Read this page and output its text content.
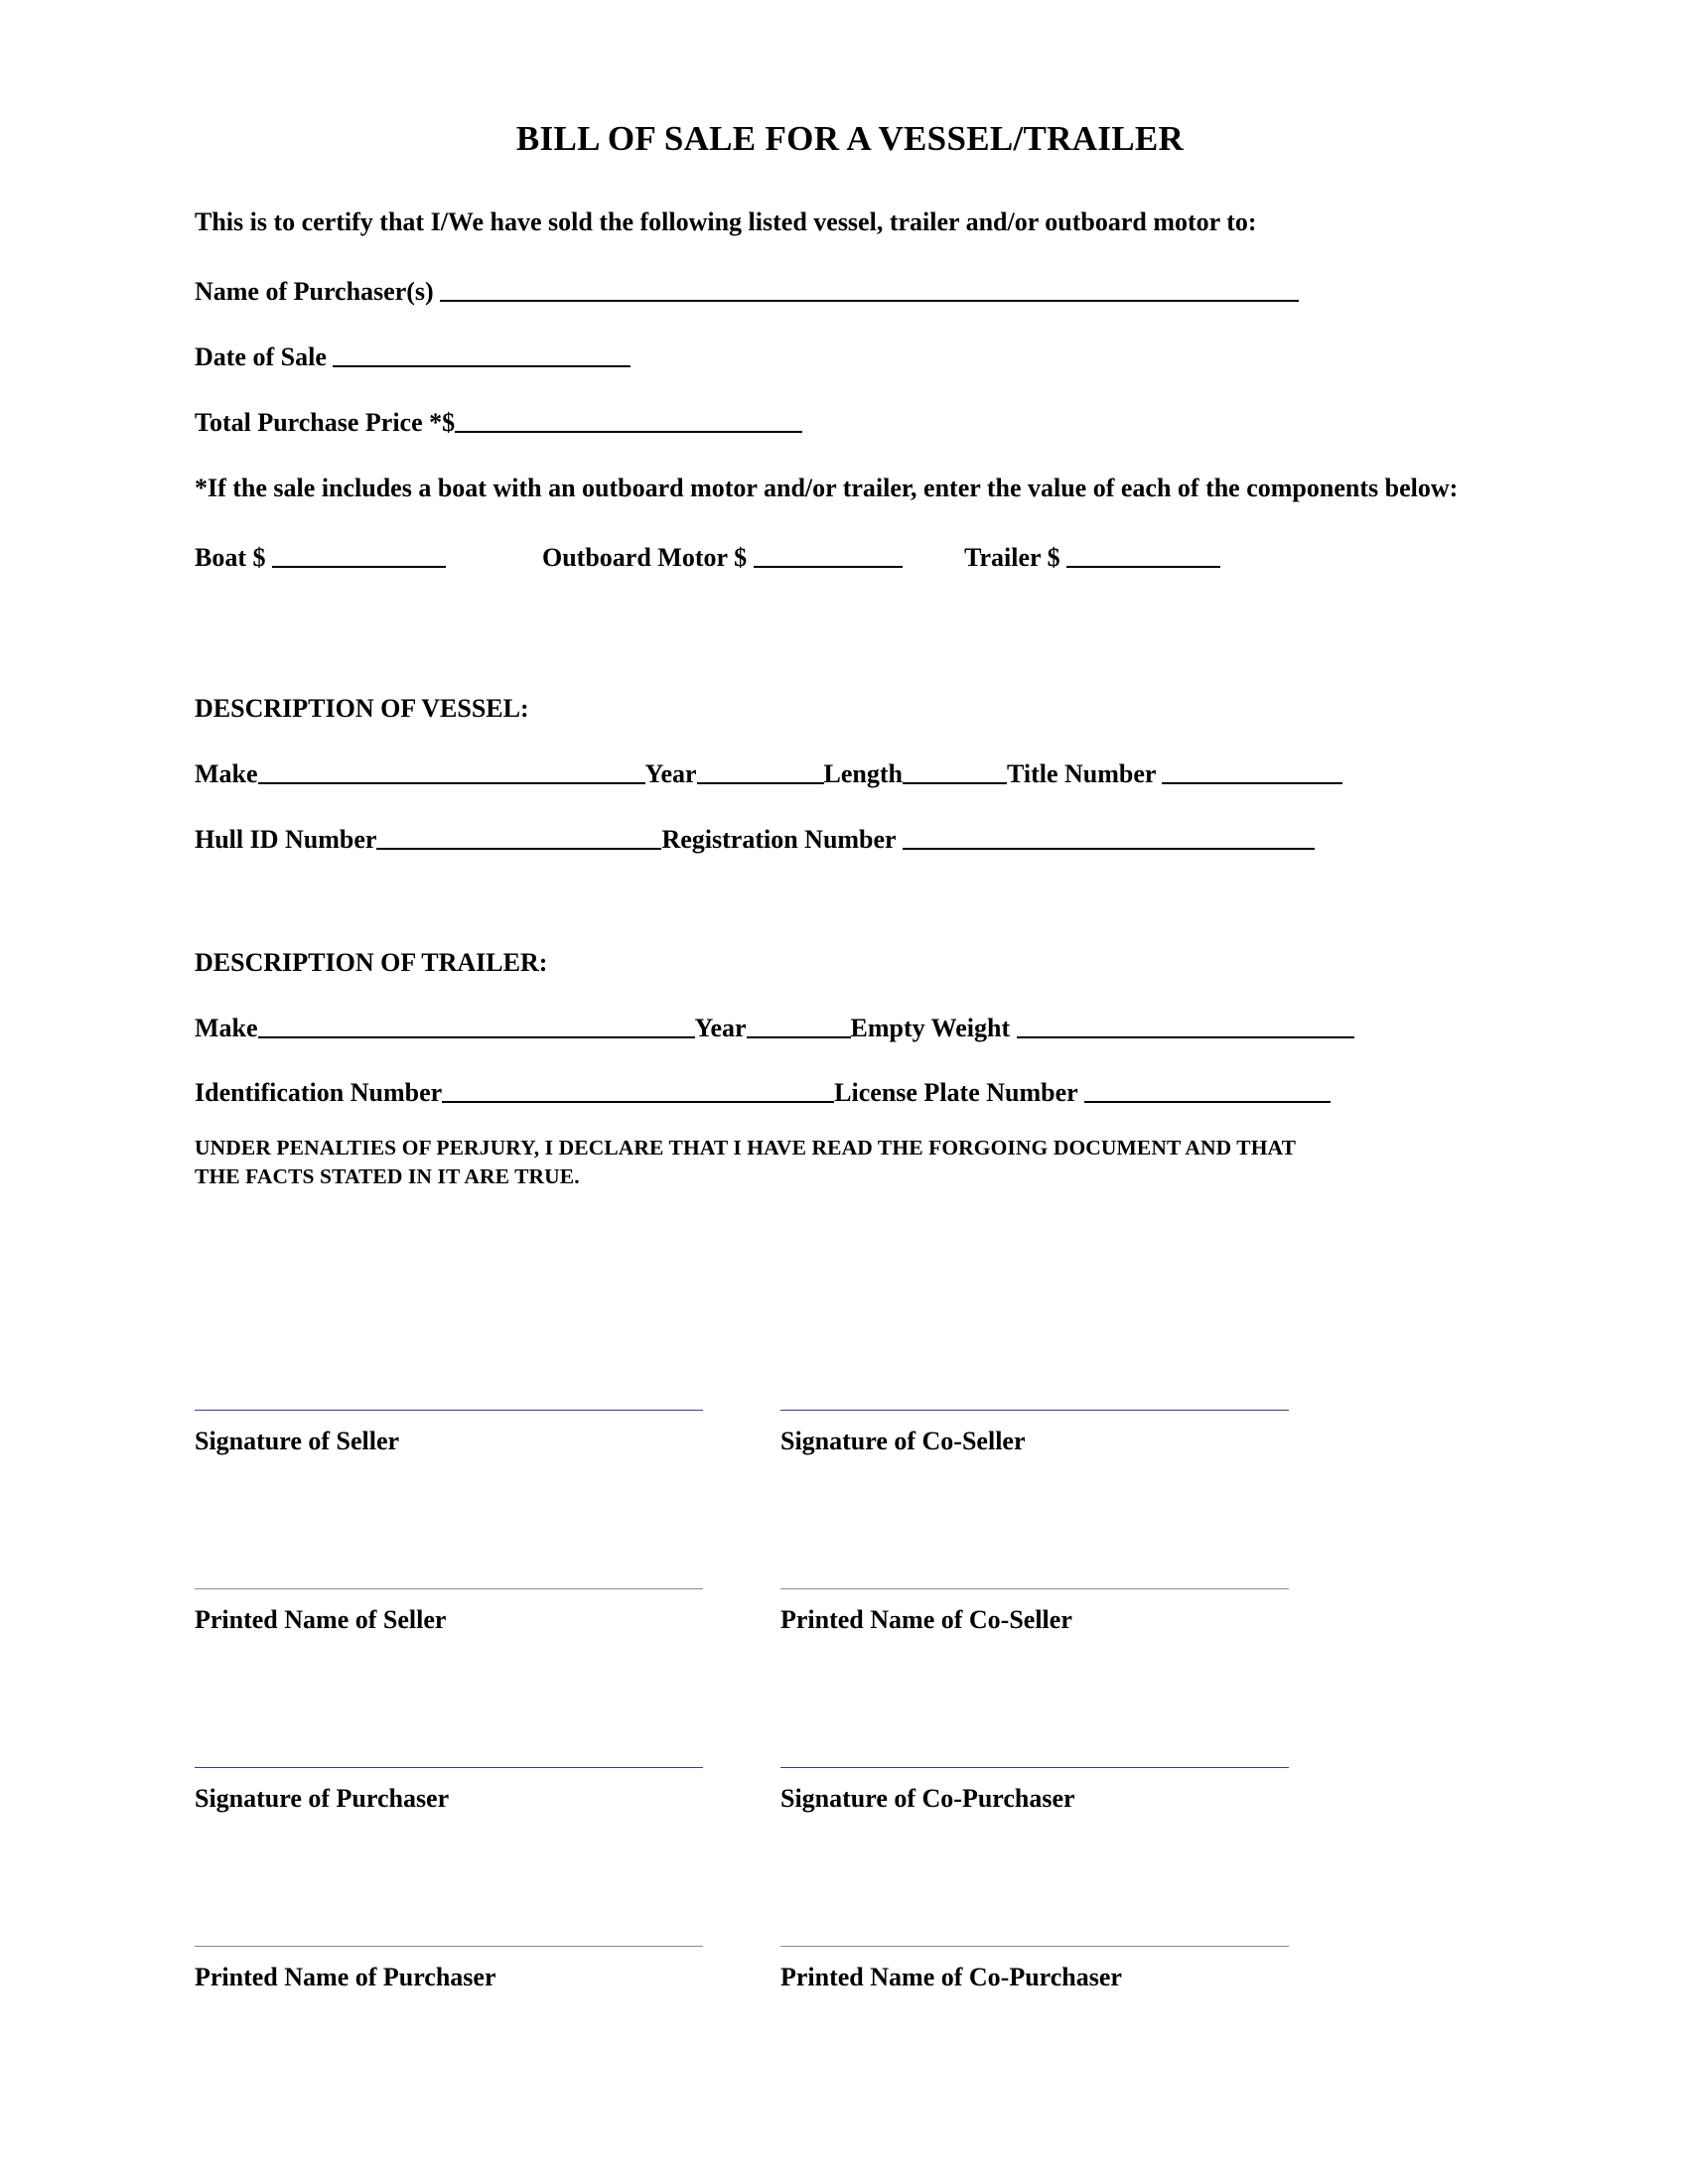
BILL OF SALE FOR A VESSEL/TRAILER

This is to certify that I/We have sold the following listed vessel, trailer and/or outboard motor to:

Name of Purchaser(s)
Date of Sale
Total Purchase Price *$

*If the sale includes a boat with an outboard motor and/or trailer, enter the value of each of the components below:

Boat $	Outboard Motor $	Trailer $
DESCRIPTION OF VESSEL:
Make	Year	Length	Title Number
Hull ID Number	Registration Number
DESCRIPTION OF TRAILER:
Make	Year	Empty Weight
Identification Number	License Plate Number
UNDER PENALTIES OF PERJURY, I DECLARE THAT I HAVE READ THE FORGOING DOCUMENT AND THAT
THE FACTS STATED IN IT ARE TRUE.
Signature of Seller	Signature of Co-Seller
Printed Name of Seller	Printed Name of Co-Seller
Signature of Purchaser	Signature of Co-Purchaser
Printed Name of Purchaser	Printed Name of Co-Purchaser
